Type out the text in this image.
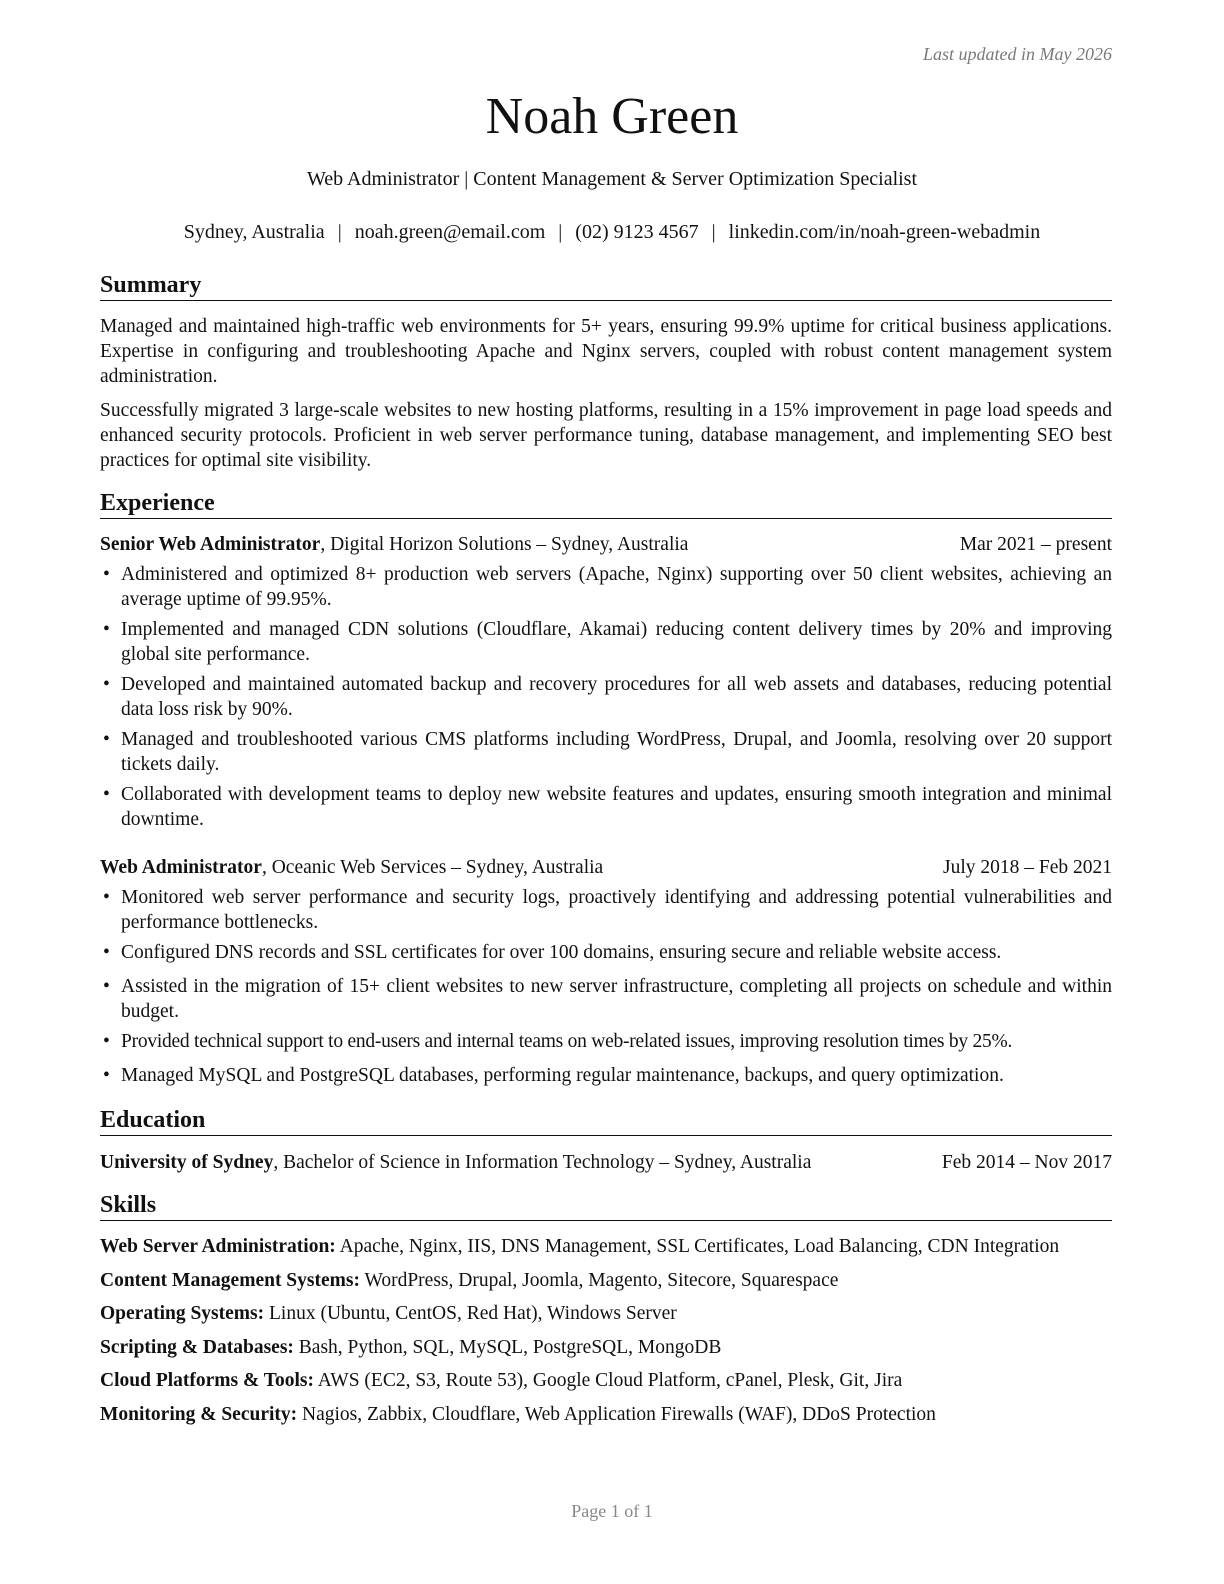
Last updated in May 2026
Noah Green
Web Administrator | Content Management & Server Optimization Specialist
Sydney, Australia | noah.green@email.com | (02) 9123 4567 | linkedin.com/in/noah-green-webadmin
Summary

Managed and maintained high-traffic web environments for 5+ years, ensuring 99.9% uptime for critical business applications. Expertise in configuring and troubleshooting Apache and Nginx servers, coupled with robust content management system administration.

Successfully migrated 3 large-scale websites to new hosting platforms, resulting in a 15% improvement in page load speeds and enhanced security protocols. Proficient in web server performance tuning, database management, and implementing SEO best practices for optimal site visibility.

Experience
Senior Web Administrator, Digital Horizon Solutions – Sydney, Australia	Mar 2021 – present
• Administered and optimized 8+ production web servers (Apache, Nginx) supporting over 50 client websites, achieving an average uptime of 99.95%.
• Implemented and managed CDN solutions (Cloudflare, Akamai) reducing content delivery times by 20% and improving global site performance.
• Developed and maintained automated backup and recovery procedures for all web assets and databases, reducing potential data loss risk by 90%.
• Managed and troubleshooted various CMS platforms including WordPress, Drupal, and Joomla, resolving over 20 support tickets daily.
• Collaborated with development teams to deploy new website features and updates, ensuring smooth integration and minimal downtime.
Web Administrator, Oceanic Web Services – Sydney, Australia	July 2018 – Feb 2021
• Monitored web server performance and security logs, proactively identifying and addressing potential vulnerabilities and performance bottlenecks.
• Configured DNS records and SSL certificates for over 100 domains, ensuring secure and reliable website access.
• Assisted in the migration of 15+ client websites to new server infrastructure, completing all projects on schedule and within budget.
• Provided technical support to end-users and internal teams on web-related issues, improving resolution times by 25%.
• Managed MySQL and PostgreSQL databases, performing regular maintenance, backups, and query optimization.
Education
University of Sydney, Bachelor of Science in Information Technology – Sydney, Australia	Feb 2014 – Nov 2017
Skills
Web Server Administration: Apache, Nginx, IIS, DNS Management, SSL Certificates, Load Balancing, CDN Integration
Content Management Systems: WordPress, Drupal, Joomla, Magento, Sitecore, Squarespace
Operating Systems: Linux (Ubuntu, CentOS, Red Hat), Windows Server
Scripting & Databases: Bash, Python, SQL, MySQL, PostgreSQL, MongoDB
Cloud Platforms & Tools: AWS (EC2, S3, Route 53), Google Cloud Platform, cPanel, Plesk, Git, Jira
Monitoring & Security: Nagios, Zabbix, Cloudflare, Web Application Firewalls (WAF), DDoS Protection
Page 1 of 1
